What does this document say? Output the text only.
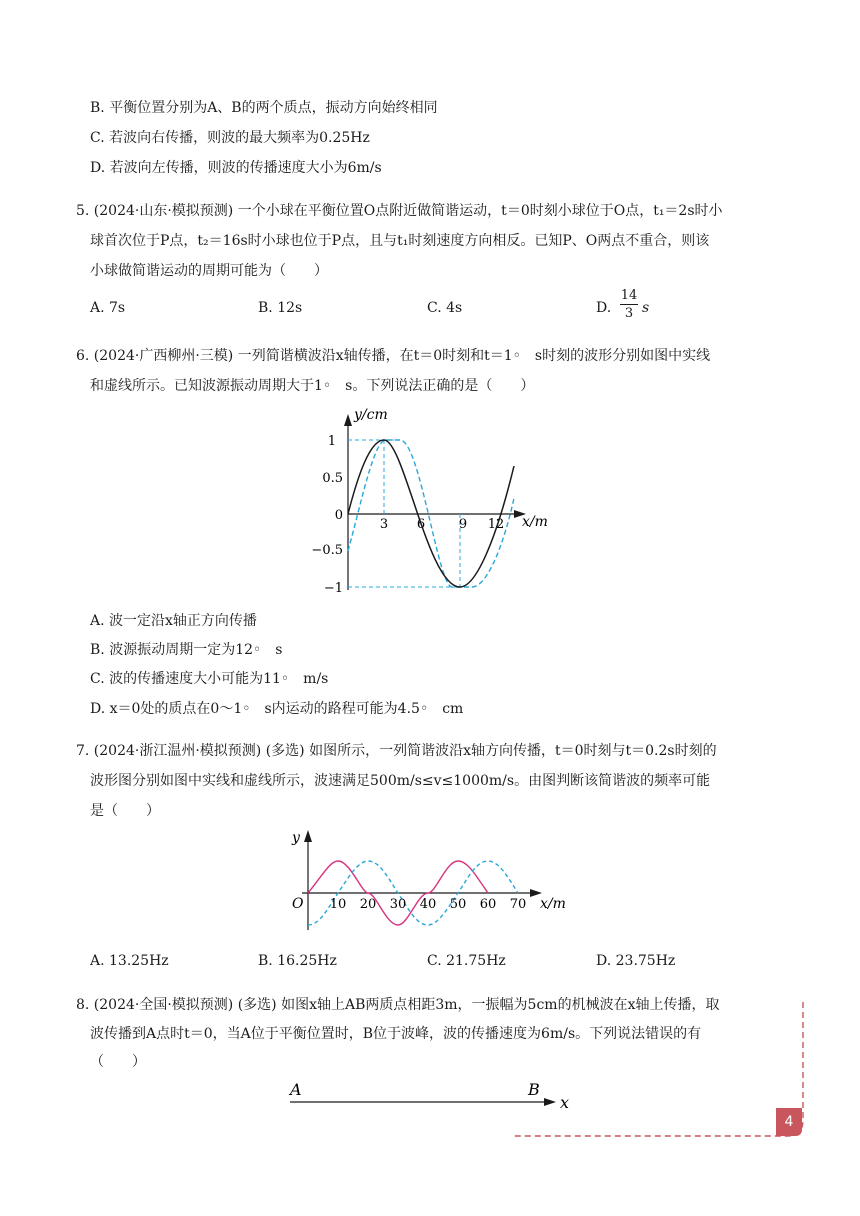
B. 平衡位置分别为A、B的两个质点，振动方向始终相同
C. 若波向右传播，则波的最大频率为0.25Hz
D. 若波向左传播，则波的传播速度大小为6m/s
5. (2024·山东·模拟预测) 一个小球在平衡位置O点附近做简谐运动，t＝0时刻小球位于O点，t₁＝2s时小
球首次位于P点，t₂＝16s时小球也位于P点，且与t₁时刻速度方向相反。已知P、O两点不重合，则该
小球做简谐运动的周期可能为（　　）
A. 7s	B. 12s	C. 4s	D. $\frac{14}{3}$ s
6. (2024·广西柳州·三模) 一列简谐横波沿x轴传播，在t＝0时刻和t＝1◦　s时刻的波形分别如图中实线
和虚线所示。已知波源振动周期大于1◦　s。下列说法正确的是（　　）
y/cm
x/m
1
0.5
0
−0.5
−1
3 6	9 12
A. 波一定沿x轴正方向传播
B. 波源振动周期一定为12◦　s
C. 波的传播速度大小可能为11◦　m/s
D. x＝0处的质点在0～1◦　s内运动的路程可能为4.5◦　cm
7. (2024·浙江温州·模拟预测) (多选) 如图所示，一列简谐波沿x轴方向传播，t＝0时刻与t＝0.2s时刻的
波形图分别如图中实线和虚线所示，波速满足500m/s≤v≤1000m/s。由图判断该简谐波的频率可能
是（　　）
y
O	x/m
10 20 30 40 50 60 70
A. 13.25Hz	B. 16.25Hz	C. 21.75Hz	D. 23.75Hz
8. (2024·全国·模拟预测) (多选) 如图x轴上AB两质点相距3m，一振幅为5cm的机械波在x轴上传播，取
波传播到A点时t＝0，当A位于平衡位置时，B位于波峰，波的传播速度为6m/s。下列说法错误的有
（　　）
A	B
x
4
